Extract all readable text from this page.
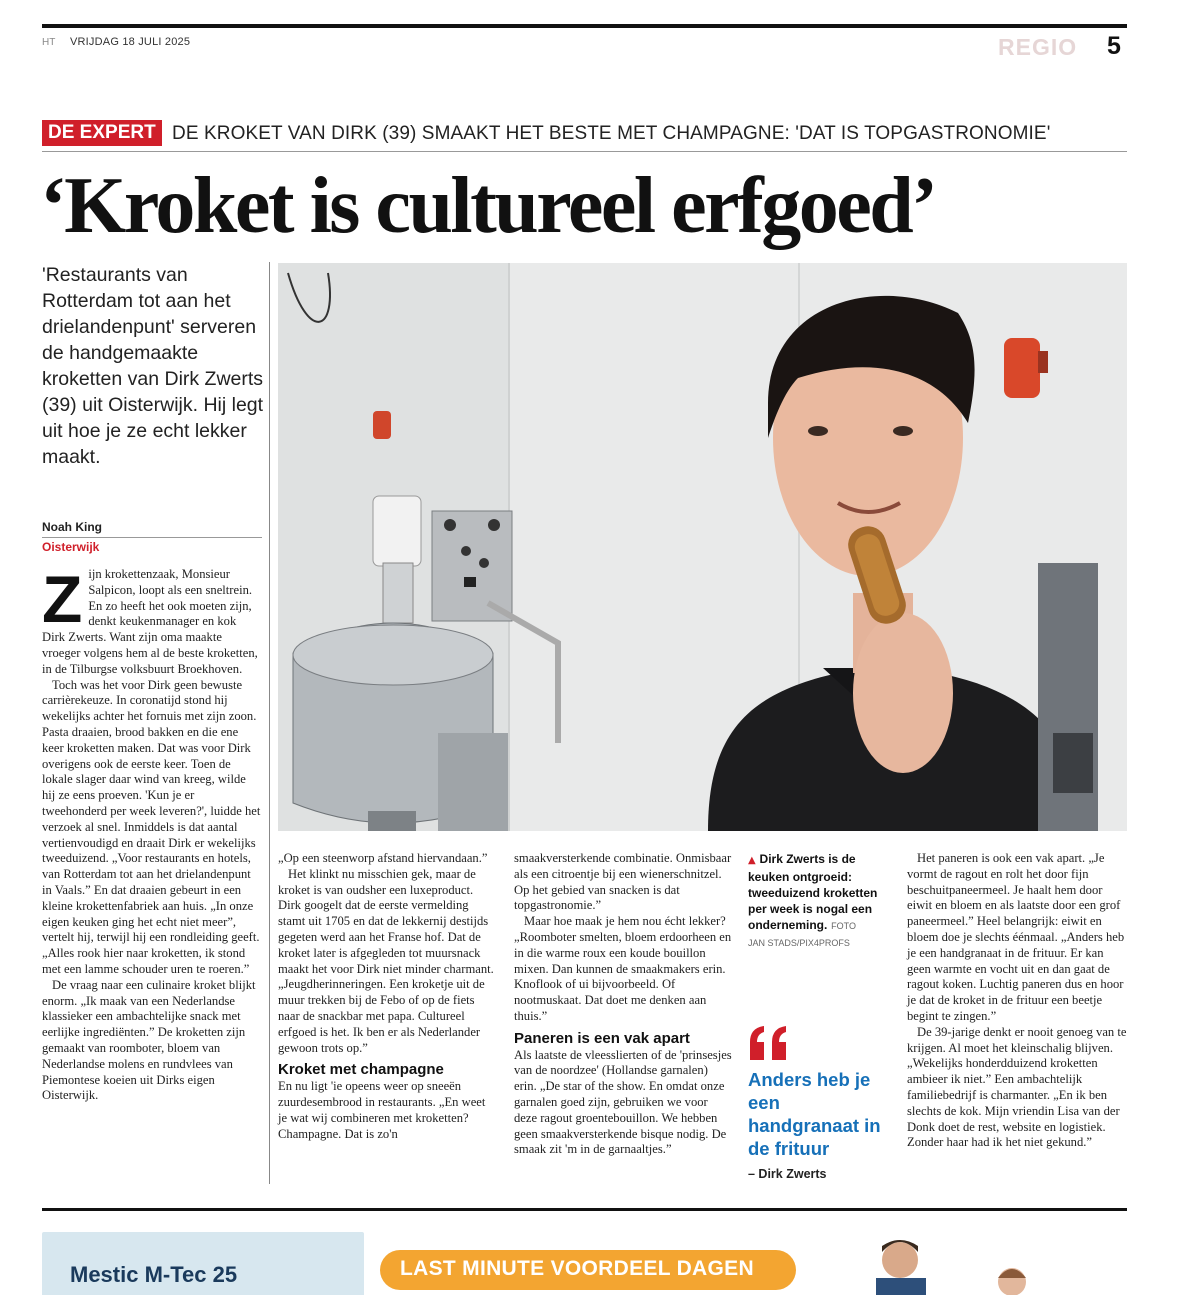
HT VRIJDAG 18 JULI 2025	REGIO 5
DE EXPERT DE KROKET VAN DIRK (39) SMAAKT HET BESTE MET CHAMPAGNE: 'DAT IS TOPGASTRONOMIE'
‘Kroket is cultureel erfgoed’
'Restaurants van Rotterdam tot aan het drielandenpunt' serveren de handgemaakte kroketten van Dirk Zwerts (39) uit Oisterwijk. Hij legt uit hoe je ze echt lekker maakt.
Noah King
Oisterwijk
Z ijn krokettenzaak, Monsieur Salpicon, loopt als een sneltrein. En zo heeft het ook moeten zijn, denkt keukenmanager en kok Dirk Zwerts. Want zijn oma maakte vroeger volgens hem al de beste kroketten, in de Tilburgse volksbuurt Broekhoven.

Toch was het voor Dirk geen bewuste carrièrekeuze. In coronatijd stond hij wekelijks achter het fornuis met zijn zoon. Pasta draaien, brood bakken en die ene keer kroketten maken. Dat was voor Dirk overigens ook de eerste keer. Toen de lokale slager daar wind van kreeg, wilde hij ze eens proeven. 'Kun je er tweehonderd per week leveren?', luidde het verzoek al snel. Inmiddels is dat aantal vertienvoudigd en draait Dirk er wekelijks tweeduizend. „Voor restaurants en hotels, van Rotterdam tot aan het drielandenpunt in Vaals.” En dat draaien gebeurt in een kleine krokettenfabriek aan huis. „In onze eigen keuken ging het echt niet meer”, vertelt hij, terwijl hij een rondleiding geeft. „Alles rook hier naar kroketten, ik stond met een lamme schouder uren te roeren.”

De vraag naar een culinaire kroket blijkt enorm. „Ik maak van een Nederlandse klassieker een ambachtelijke snack met eerlijke ingrediënten.” De kroketten zijn gemaakt van roomboter, bloem van Nederlandse molens en rundvlees van Piemontese koeien uit Dirks eigen Oisterwijk.

„Op een steenworp afstand hiervandaan.”

Het klinkt nu misschien gek, maar de kroket is van oudsher een luxeproduct. Dirk googelt dat de eerste vermelding stamt uit 1705 en dat de lekkernij destijds gegeten werd aan het Franse hof. Dat de kroket later is afgegleden tot muursnack maakt het voor Dirk niet minder charmant. „Jeugdherinneringen. Een kroketje uit de muur trekken bij de Febo of op de fiets naar de snackbar met papa. Cultureel erfgoed is het. Ik ben er als Nederlander gewoon trots op.”

Kroket met champagne

En nu ligt 'ie opeens weer op sneeën zuurdesembrood in restaurants. „En weet je wat wij combineren met kroketten? Champagne. Dat is zo'n

smaakversterkende combinatie. Onmisbaar als een citroentje bij een wienerschnitzel. Op het gebied van snacken is dat topgastronomie.”

Maar hoe maak je hem nou écht lekker? „Roomboter smelten, bloem erdoorheen en in die warme roux een koude bouillon mixen. Dan kunnen de smaakmakers erin. Knoflook of ui bijvoorbeeld. Of nootmuskaat. Dat doet me denken aan thuis.”

Paneren is een vak apart

Als laatste de vleesslierten of de 'prinsesjes van de noordzee' (Hollandse garnalen) erin. „De star of the show. En omdat onze garnalen goed zijn, gebruiken we voor deze ragout groentebouillon. We hebben geen smaakversterkende bisque nodig. De smaak zit 'm in de garnaaltjes.”

▲ Dirk Zwerts is de keuken ontgroeid: tweeduizend kroketten per week is nogal een onderneming. FOTO
JAN STADS/PIX4PROFS
Anders heb je een handgranaat in de frituur
– Dirk Zwerts

Het paneren is ook een vak apart. „Je vormt de ragout en rolt het door fijn beschuitpaneermeel. Je haalt hem door eiwit en bloem en als laatste door een grof paneermeel.” Heel belangrijk: eiwit en bloem doe je slechts éénmaal. „Anders heb je een handgranaat in de frituur. Er kan geen warmte en vocht uit en dan gaat de ragout koken. Luchtig paneren dus en hoor je dat de kroket in de frituur een beetje begint te zingen.”

De 39-jarige denkt er nooit genoeg van te krijgen. Al moet het kleinschalig blijven. „Wekelijks honderdduizend kroketten ambieer ik niet.” Een ambachtelijk familiebedrijf is charmanter. „En ik ben slechts de kok. Mijn vriendin Lisa van der Donk doet de rest, website en logistiek. Zonder haar had ik het niet gekund.”

Mestic M-Tec 25	LAST MINUTE VOORDEEL DAGEN
